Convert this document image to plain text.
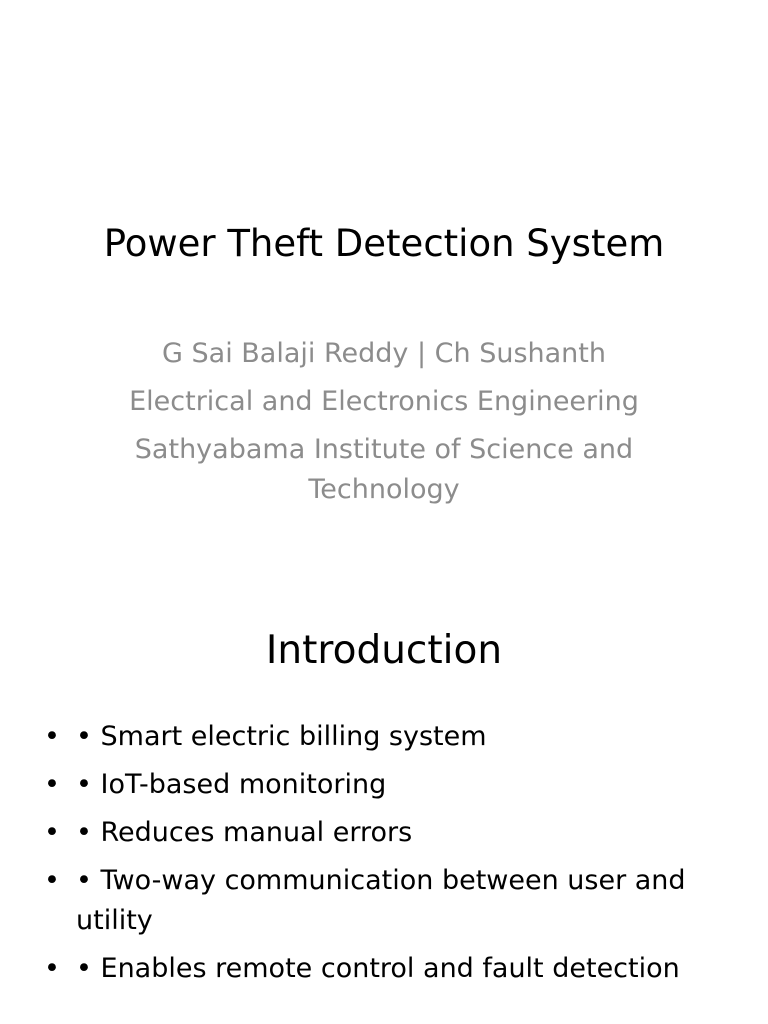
Power Theft Detection System

G Sai Balaji Reddy | Ch Sushanth

Electrical and Electronics Engineering

Sathyabama Institute of Science and Technology

Introduction
• • Smart electric billing system
• • IoT-based monitoring
• • Reduces manual errors
• • Two-way communication between user and utility
• • Enables remote control and fault detection
